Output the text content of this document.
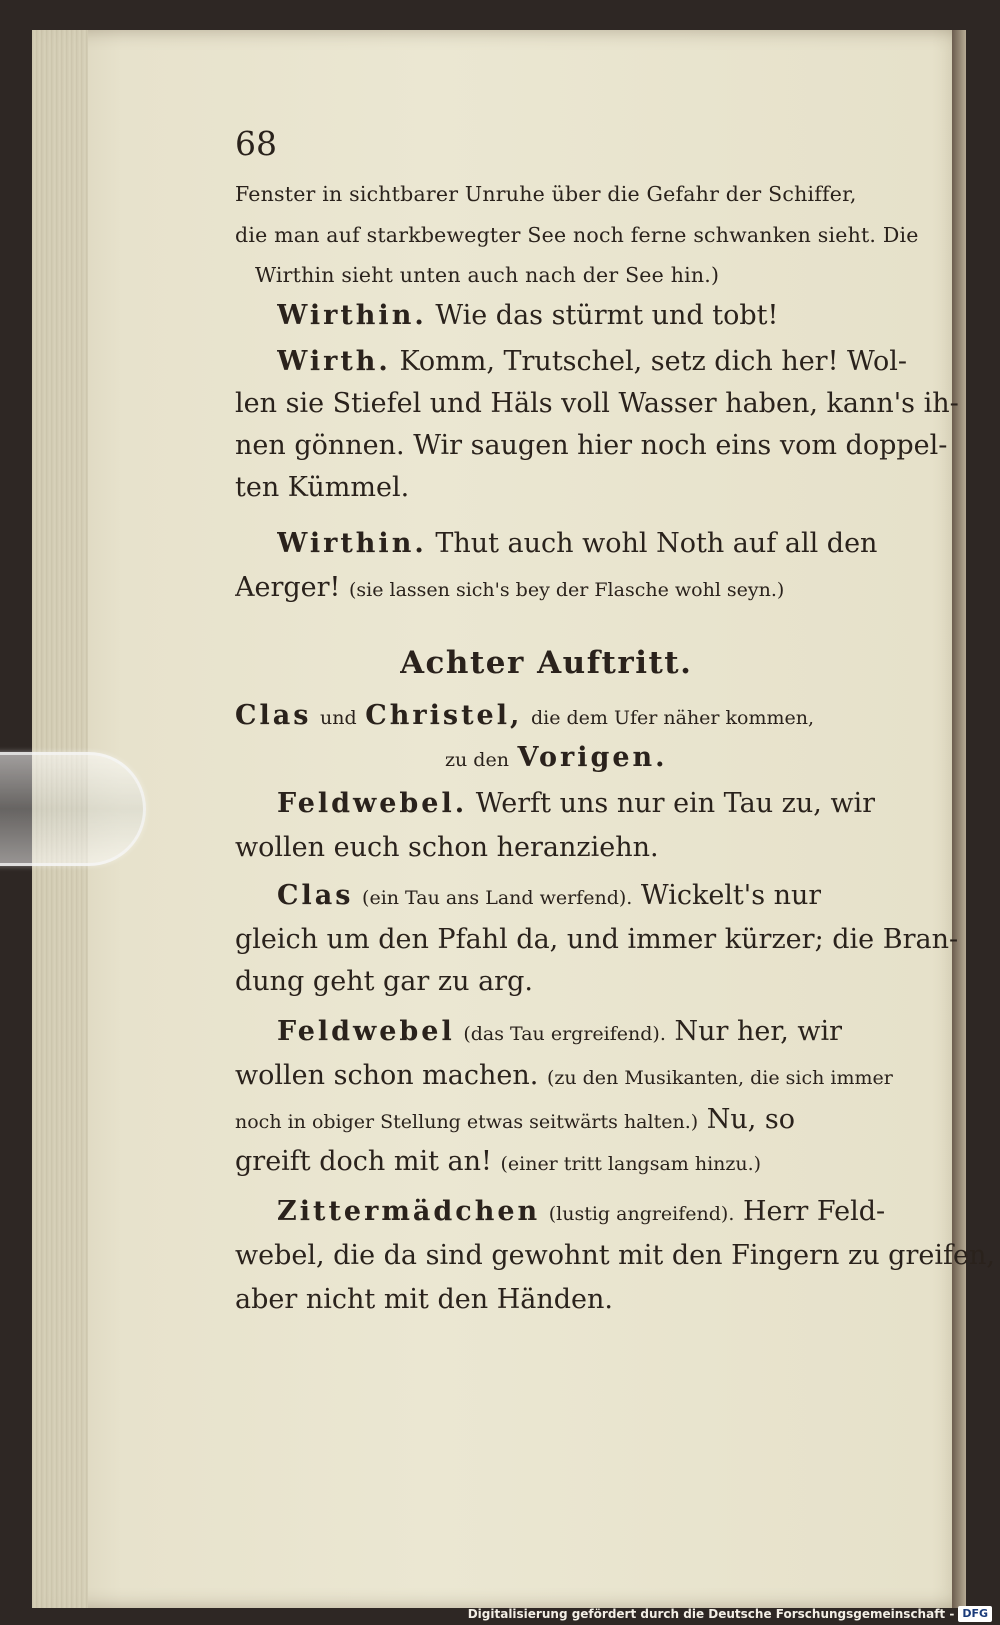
68
Fenster in sichtbarer Unruhe über die Gefahr der Schiffer,
die man auf starkbewegter See noch ferne schwanken sieht. Die
Wirthin sieht unten auch nach der See hin.)
Wirthin. Wie das stürmt und tobt!
Wirth. Komm, Trutschel, setz dich her! Wol-
len sie Stiefel und Häls voll Wasser haben, kann's ih-
nen gönnen. Wir saugen hier noch eins vom doppel-
ten Kümmel.
Wirthin. Thut auch wohl Noth auf all den
Aerger! (sie lassen sich's bey der Flasche wohl seyn.)
Achter Auftritt.
Clas und Christel, die dem Ufer näher kommen,
zu den Vorigen.
Feldwebel. Werft uns nur ein Tau zu, wir
wollen euch schon heranziehn.
Clas (ein Tau ans Land werfend). Wickelt's nur
gleich um den Pfahl da, und immer kürzer; die Bran-
dung geht gar zu arg.
Feldwebel (das Tau ergreifend). Nur her, wir
wollen schon machen. (zu den Musikanten, die sich immer
noch in obiger Stellung etwas seitwärts halten.) Nu, so
greift doch mit an! (einer tritt langsam hinzu.)
Zittermädchen (lustig angreifend). Herr Feld-
webel, die da sind gewohnt mit den Fingern zu greifen,
aber nicht mit den Händen.
Digitalisierung gefördert durch die Deutsche Forschungsgemeinschaft - DFG
